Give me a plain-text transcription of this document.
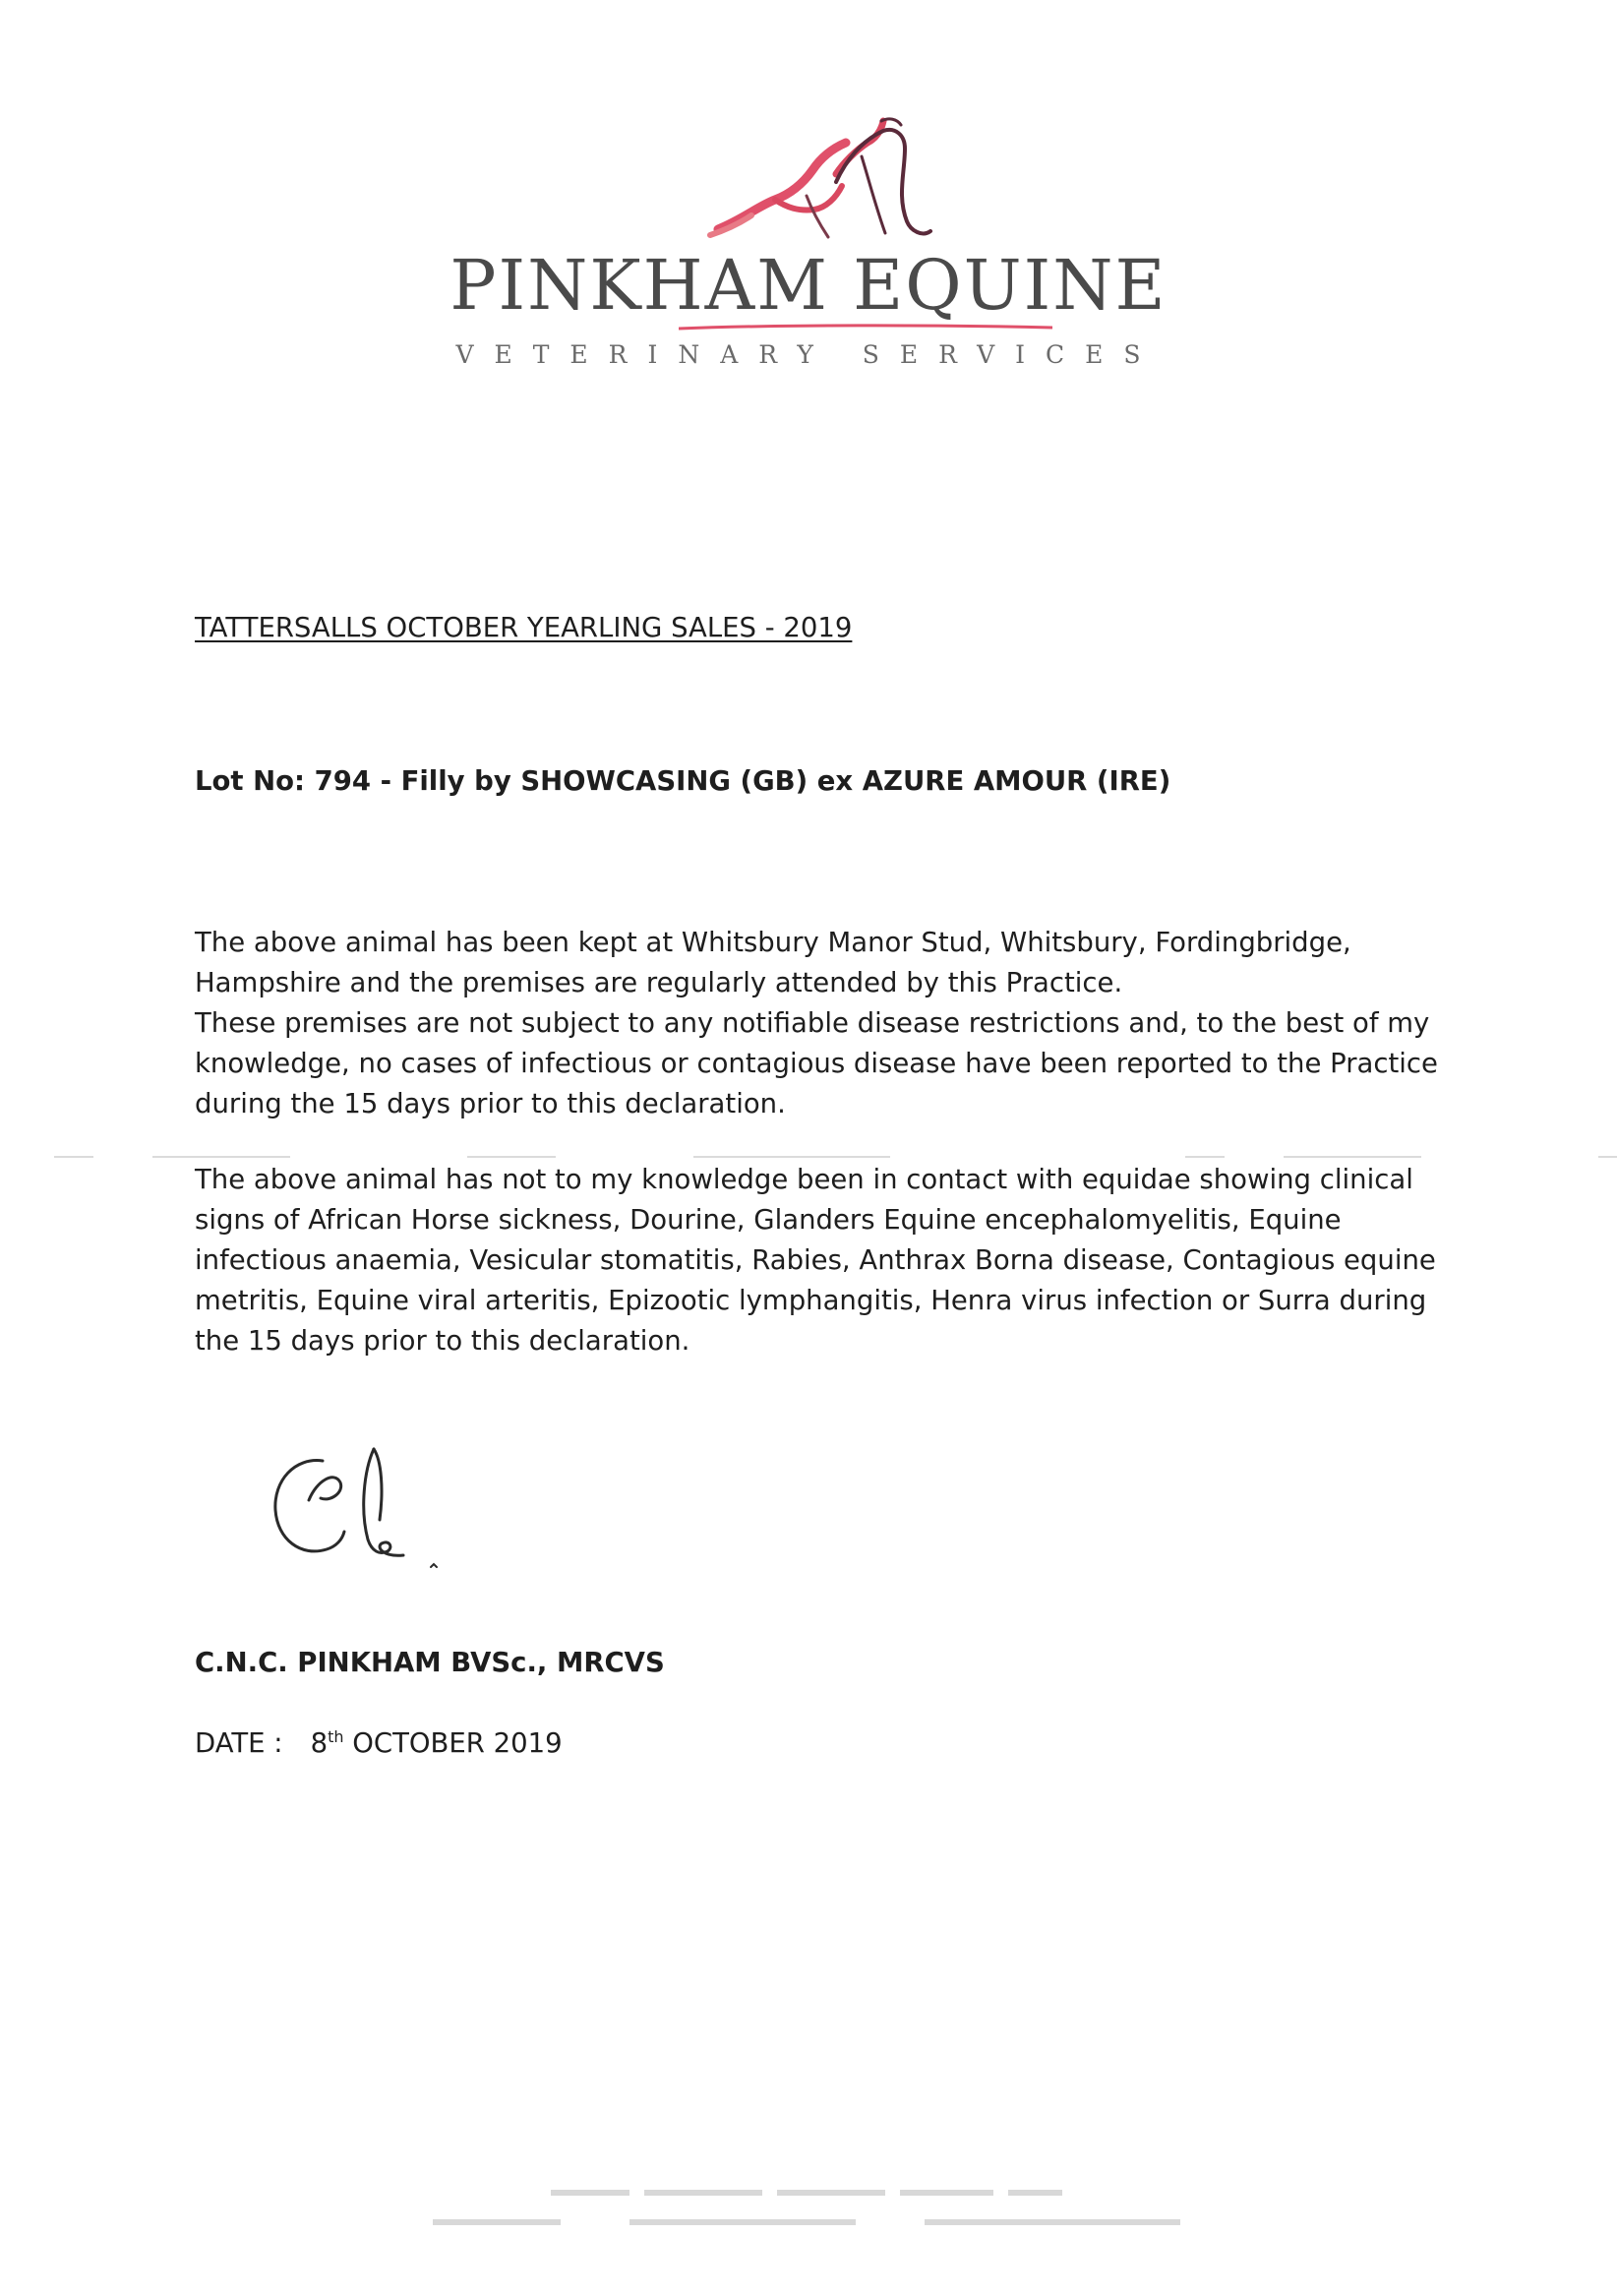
PINKHAM EQUINE
VETERINARY SERVICES
TATTERSALLS OCTOBER YEARLING SALES - 2019
Lot No: 794 - Filly by SHOWCASING (GB) ex AZURE AMOUR (IRE)
The above animal has been kept at Whitsbury Manor Stud, Whitsbury, Fordingbridge,
Hampshire and the premises are regularly attended by this Practice.
These premises are not subject to any notifiable disease restrictions and, to the best of my
knowledge, no cases of infectious or contagious disease have been reported to the Practice
during the 15 days prior to this declaration.
The above animal has not to my knowledge been in contact with equidae showing clinical
signs of African Horse sickness, Dourine, Glanders Equine encephalomyelitis, Equine
infectious anaemia, Vesicular stomatitis, Rabies, Anthrax Borna disease, Contagious equine
metritis, Equine viral arteritis, Epizootic lymphangitis, Henra virus infection or Surra during
the 15 days prior to this declaration.
C.N.C. PINKHAM BVSc., MRCVS
DATE : 8th OCTOBER 2019
